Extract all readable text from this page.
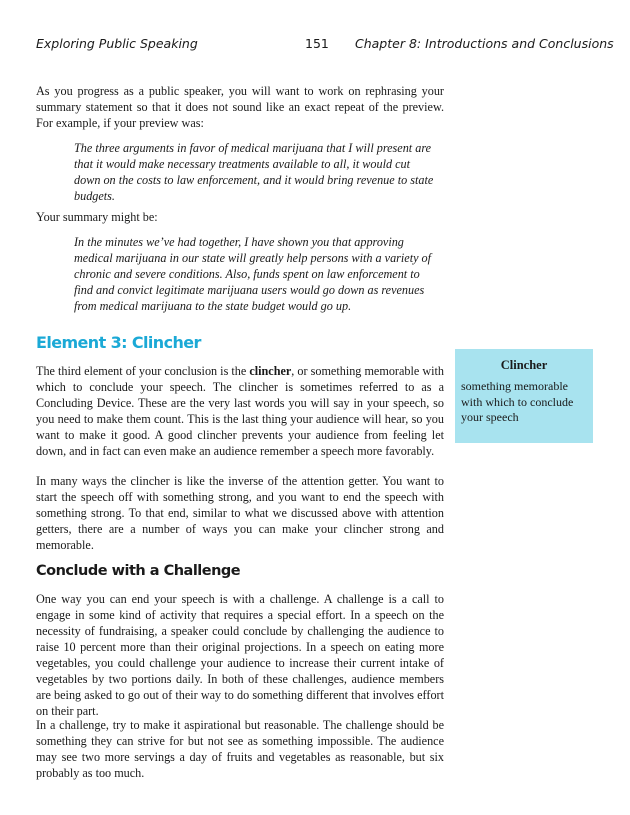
Exploring Public Speaking	151 Chapter 8: Introductions and Conclusions

As you progress as a public speaker, you will want to work on rephrasing your summary statement so that it does not sound like an exact repeat of the preview. For example, if your preview was:

The three arguments in favor of medical marijuana that I will present are that it would make necessary treatments available to all, it would cut down on the costs to law enforcement, and it would bring revenue to state budgets.

Your summary might be:

In the minutes we’ve had together, I have shown you that approving medical marijuana in our state will greatly help persons with a variety of chronic and severe conditions. Also, funds spent on law enforcement to find and convict legitimate marijuana users would go down as revenues from medical marijuana to the state budget would go up.

Element 3: Clincher

The third element of your conclusion is the clincher, or something memorable with which to conclude your speech. The clincher is sometimes referred to as a Concluding Device. These are the very last words you will say in your speech, so you need to make them count. This is the last thing your audience will hear, so you want to make it good. A good clincher prevents your audience from feeling let down, and in fact can even make an audience remember a speech more favorably.

In many ways the clincher is like the inverse of the attention getter. You want to start the speech off with something strong, and you want to end the speech with something strong. To that end, similar to what we discussed above with attention getters, there are a number of ways you can make your clincher strong and memorable.

Conclude with a Challenge

One way you can end your speech is with a challenge. A challenge is a call to engage in some kind of activity that requires a special effort. In a speech on the necessity of fundraising, a speaker could conclude by challenging the audience to raise 10 percent more than their original projections. In a speech on eating more vegetables, you could challenge your audience to increase their current intake of vegetables by two portions daily. In both of these challenges, audience members are being asked to go out of their way to do something different that involves effort on their part.

In a challenge, try to make it aspirational but reasonable. The challenge should be something they can strive for but not see as something impossible. The audience may see two more servings a day of fruits and vegetables as reasonable, but six probably as too much.

Clincher
something memorable with which to conclude your speech
